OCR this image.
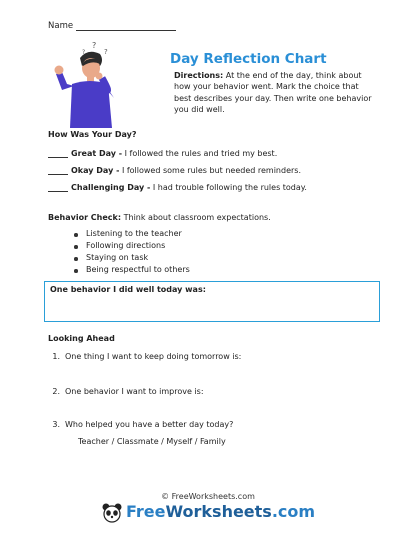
Name
?
?
?	Day Reflection Chart
Directions: At the end of the day, think about how your behavior went. Mark the choice that best describes your day. Then write one behavior you did well.
How Was Your Day?
Great Day - I followed the rules and tried my best.
Okay Day - I followed some rules but needed reminders.
Challenging Day - I had trouble following the rules today.
Behavior Check: Think about classroom expectations.
Listening to the teacher
Following directions
Staying on task
Being respectful to others
One behavior I did well today was:
Looking Ahead
1. One thing I want to keep doing tomorrow is:
2. One behavior I want to improve is:
3. Who helped you have a better day today?
Teacher / Classmate / Myself / Family
© FreeWorksheets.com
FreeWorksheets.com
